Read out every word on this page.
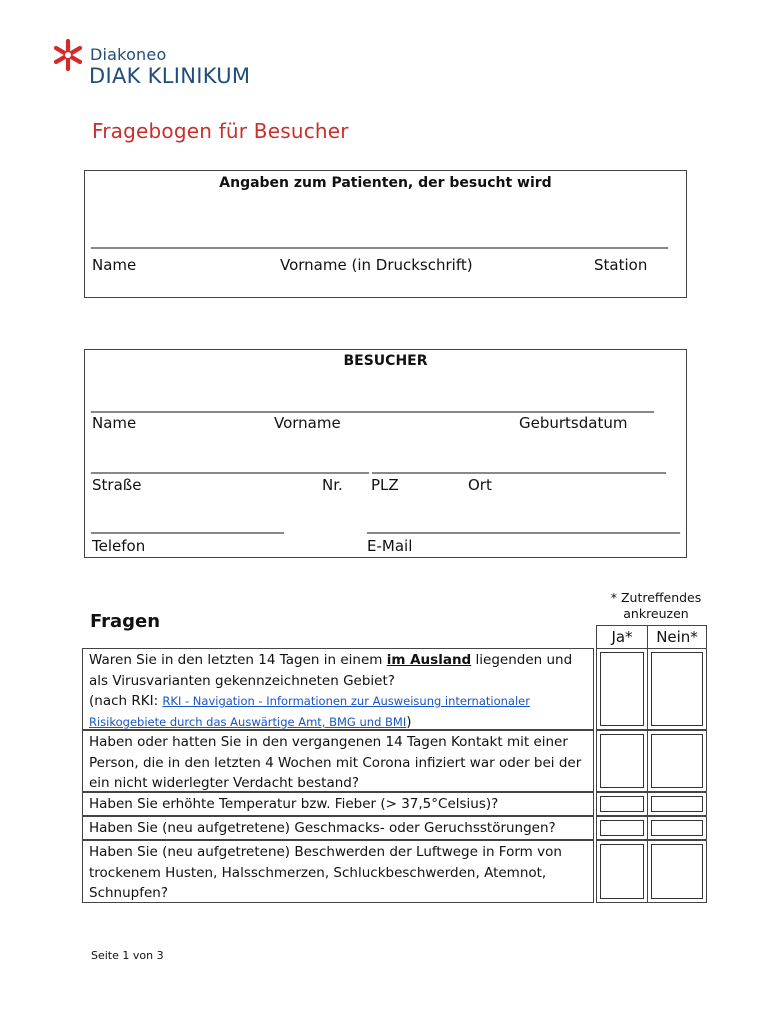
Diakoneo
DIAK KLINIKUM
Fragebogen für Besucher
Angaben zum Patienten, der besucht wird
________________________________
______________________________________________________
____________
Name	Vorname (in Druckschrift)	Station
BESUCHER
______________________________ __________________________________________
______________________
Name	Vorname	Geburtsdatum
________________________________________
________ ________________ _________________________________
Straße	Nr. PLZ	Ort
________________________________	____________________________________________________
Telefon	E-Mail
Fragen
* Zutreffendes ankreuzen
Ja*	Nein*
Waren Sie in den letzten 14 Tagen in einem im Ausland liegenden und als Virusvarianten gekennzeichneten Gebiet?
(nach RKI: RKI - Navigation - Informationen zur Ausweisung internationaler Risikogebiete durch das Auswärtige Amt, BMG und BMI)
Haben oder hatten Sie in den vergangenen 14 Tagen Kontakt mit einer Person, die in den letzten 4 Wochen mit Corona infiziert war oder bei der ein nicht widerlegter Verdacht bestand?
Haben Sie erhöhte Temperatur bzw. Fieber (> 37,5°Celsius)?
Haben Sie (neu aufgetretene) Geschmacks- oder Geruchsstörungen?
Haben Sie (neu aufgetretene) Beschwerden der Luftwege in Form von trockenem Husten, Halsschmerzen, Schluckbeschwerden, Atemnot, Schnupfen?
Seite 1 von 3
